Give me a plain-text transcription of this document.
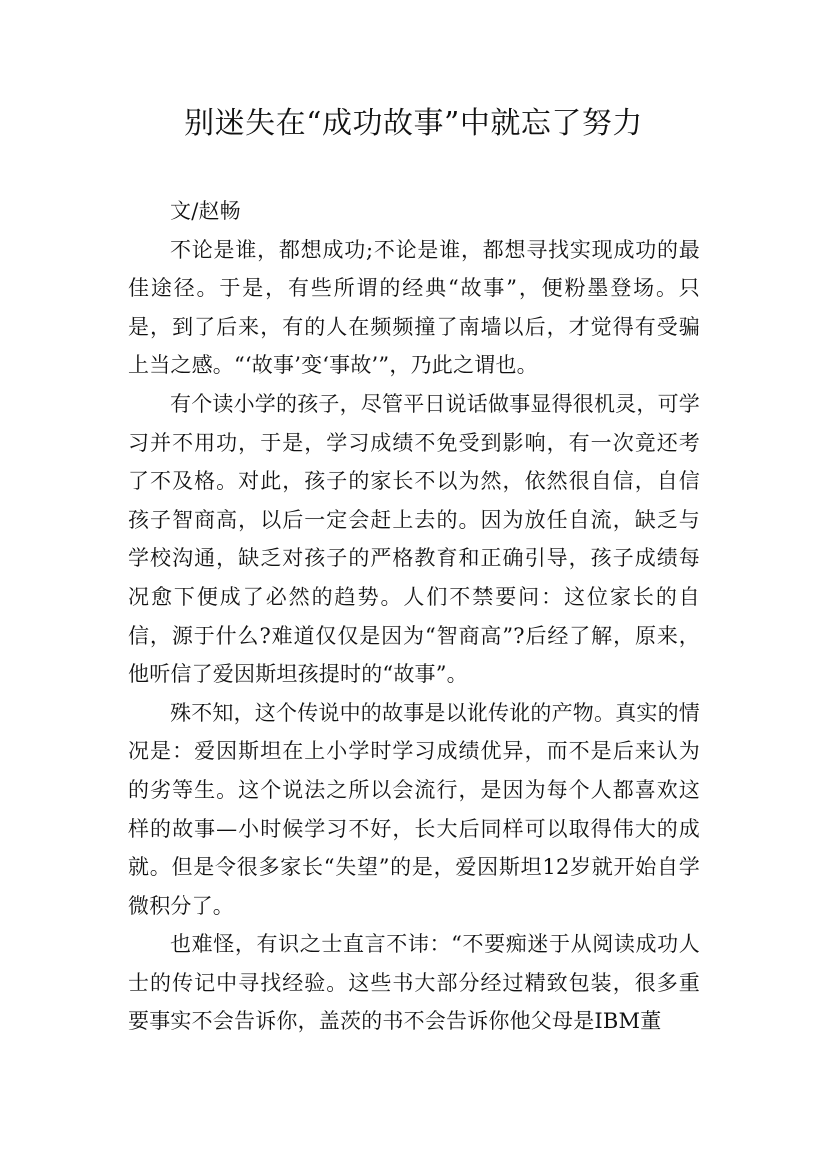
别迷失在“成功故事”中就忘了努力

文/赵畅

不论是谁，都想成功;不论是谁，都想寻找实现成功的最佳途径。于是，有些所谓的经典“故事”，便粉墨登场。只是，到了后来，有的人在频频撞了南墙以后，才觉得有受骗上当之感。“‘故事’变‘事故’”，乃此之谓也。

有个读小学的孩子，尽管平日说话做事显得很机灵，可学习并不用功，于是，学习成绩不免受到影响，有一次竟还考了不及格。对此，孩子的家长不以为然，依然很自信，自信孩子智商高，以后一定会赶上去的。因为放任自流，缺乏与学校沟通，缺乏对孩子的严格教育和正确引导，孩子成绩每况愈下便成了必然的趋势。人们不禁要问：这位家长的自信，源于什么?难道仅仅是因为“智商高”?后经了解，原来，他听信了爱因斯坦孩提时的“故事”。

殊不知，这个传说中的故事是以讹传讹的产物。真实的情况是：爱因斯坦在上小学时学习成绩优异，而不是后来认为的劣等生。这个说法之所以会流行，是因为每个人都喜欢这样的故事—小时候学习不好，长大后同样可以取得伟大的成就。但是令很多家长“失望”的是，爱因斯坦12岁就开始自学微积分了。

也难怪，有识之士直言不讳：“不要痴迷于从阅读成功人士的传记中寻找经验。这些书大部分经过精致包装，很多重要事实不会告诉你，盖茨的书不会告诉你他父母是IBM董
